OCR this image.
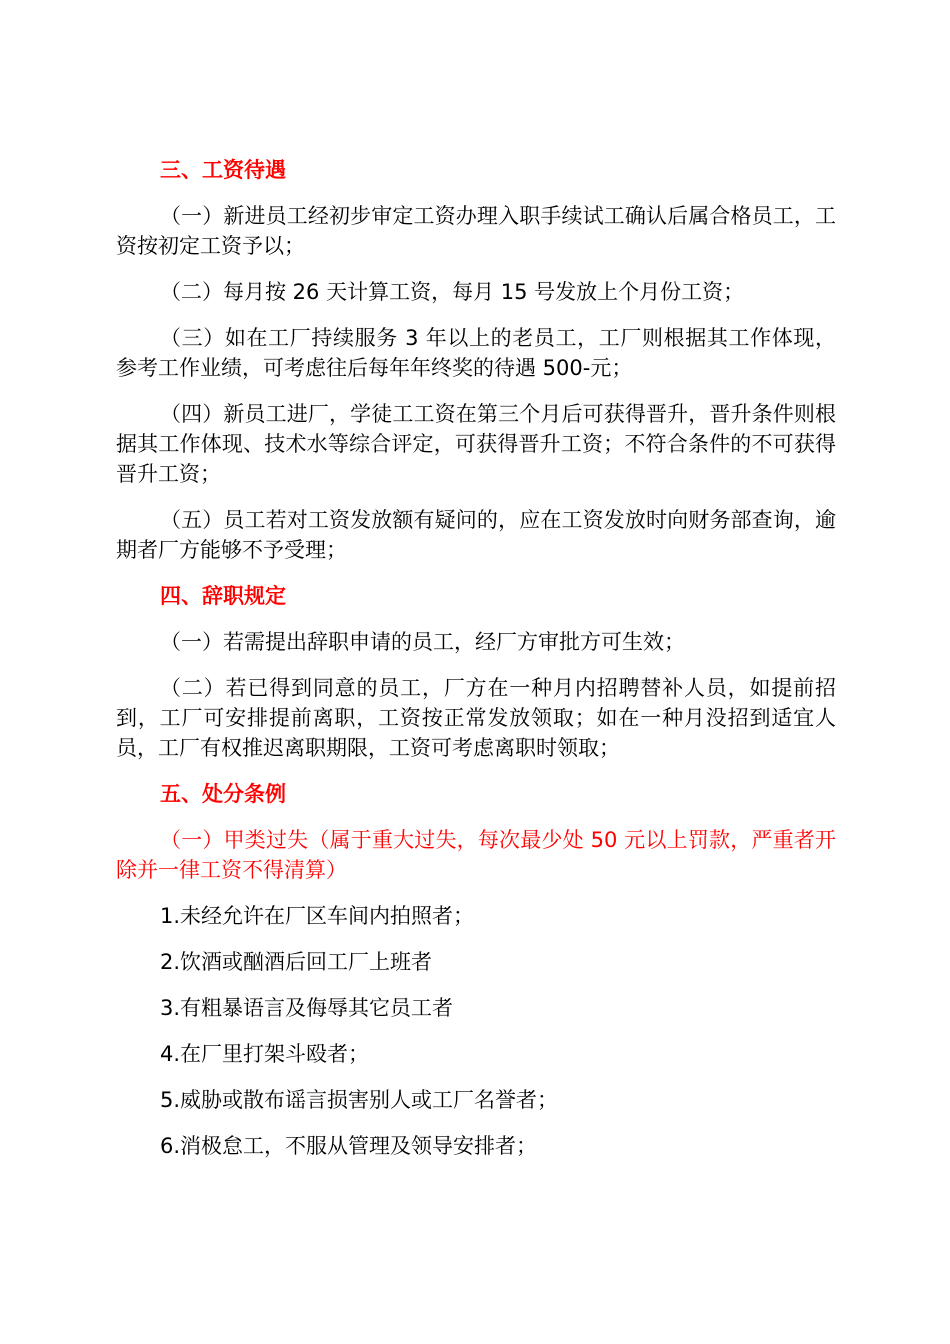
三、工资待遇
（一）新进员工经初步审定工资办理入职手续试工确认后属合格员工，工资按初定工资予以；
（二）每月按 26 天计算工资，每月 15 号发放上个月份工资；
（三）如在工厂持续服务 3 年以上的老员工，工厂则根据其工作体现，参考工作业绩，可考虑往后每年年终奖的待遇 500-元；
（四）新员工进厂，学徒工工资在第三个月后可获得晋升，晋升条件则根据其工作体现、技术水等综合评定，可获得晋升工资；不符合条件的不可获得晋升工资；
（五）员工若对工资发放额有疑问的，应在工资发放时向财务部查询，逾期者厂方能够不予受理；
四、辞职规定
（一）若需提出辞职申请的员工，经厂方审批方可生效；
（二）若已得到同意的员工，厂方在一种月内招聘替补人员，如提前招到，工厂可安排提前离职，工资按正常发放领取；如在一种月没招到适宜人员，工厂有权推迟离职期限，工资可考虑离职时领取；
五、处分条例
（一）甲类过失（属于重大过失，每次最少处 50 元以上罚款，严重者开除并一律工资不得清算）
1.未经允许在厂区车间内拍照者；
2.饮酒或酗酒后回工厂上班者
3.有粗暴语言及侮辱其它员工者
4.在厂里打架斗殴者；
5.威胁或散布谣言损害别人或工厂名誉者；
6.消极怠工，不服从管理及领导安排者；
